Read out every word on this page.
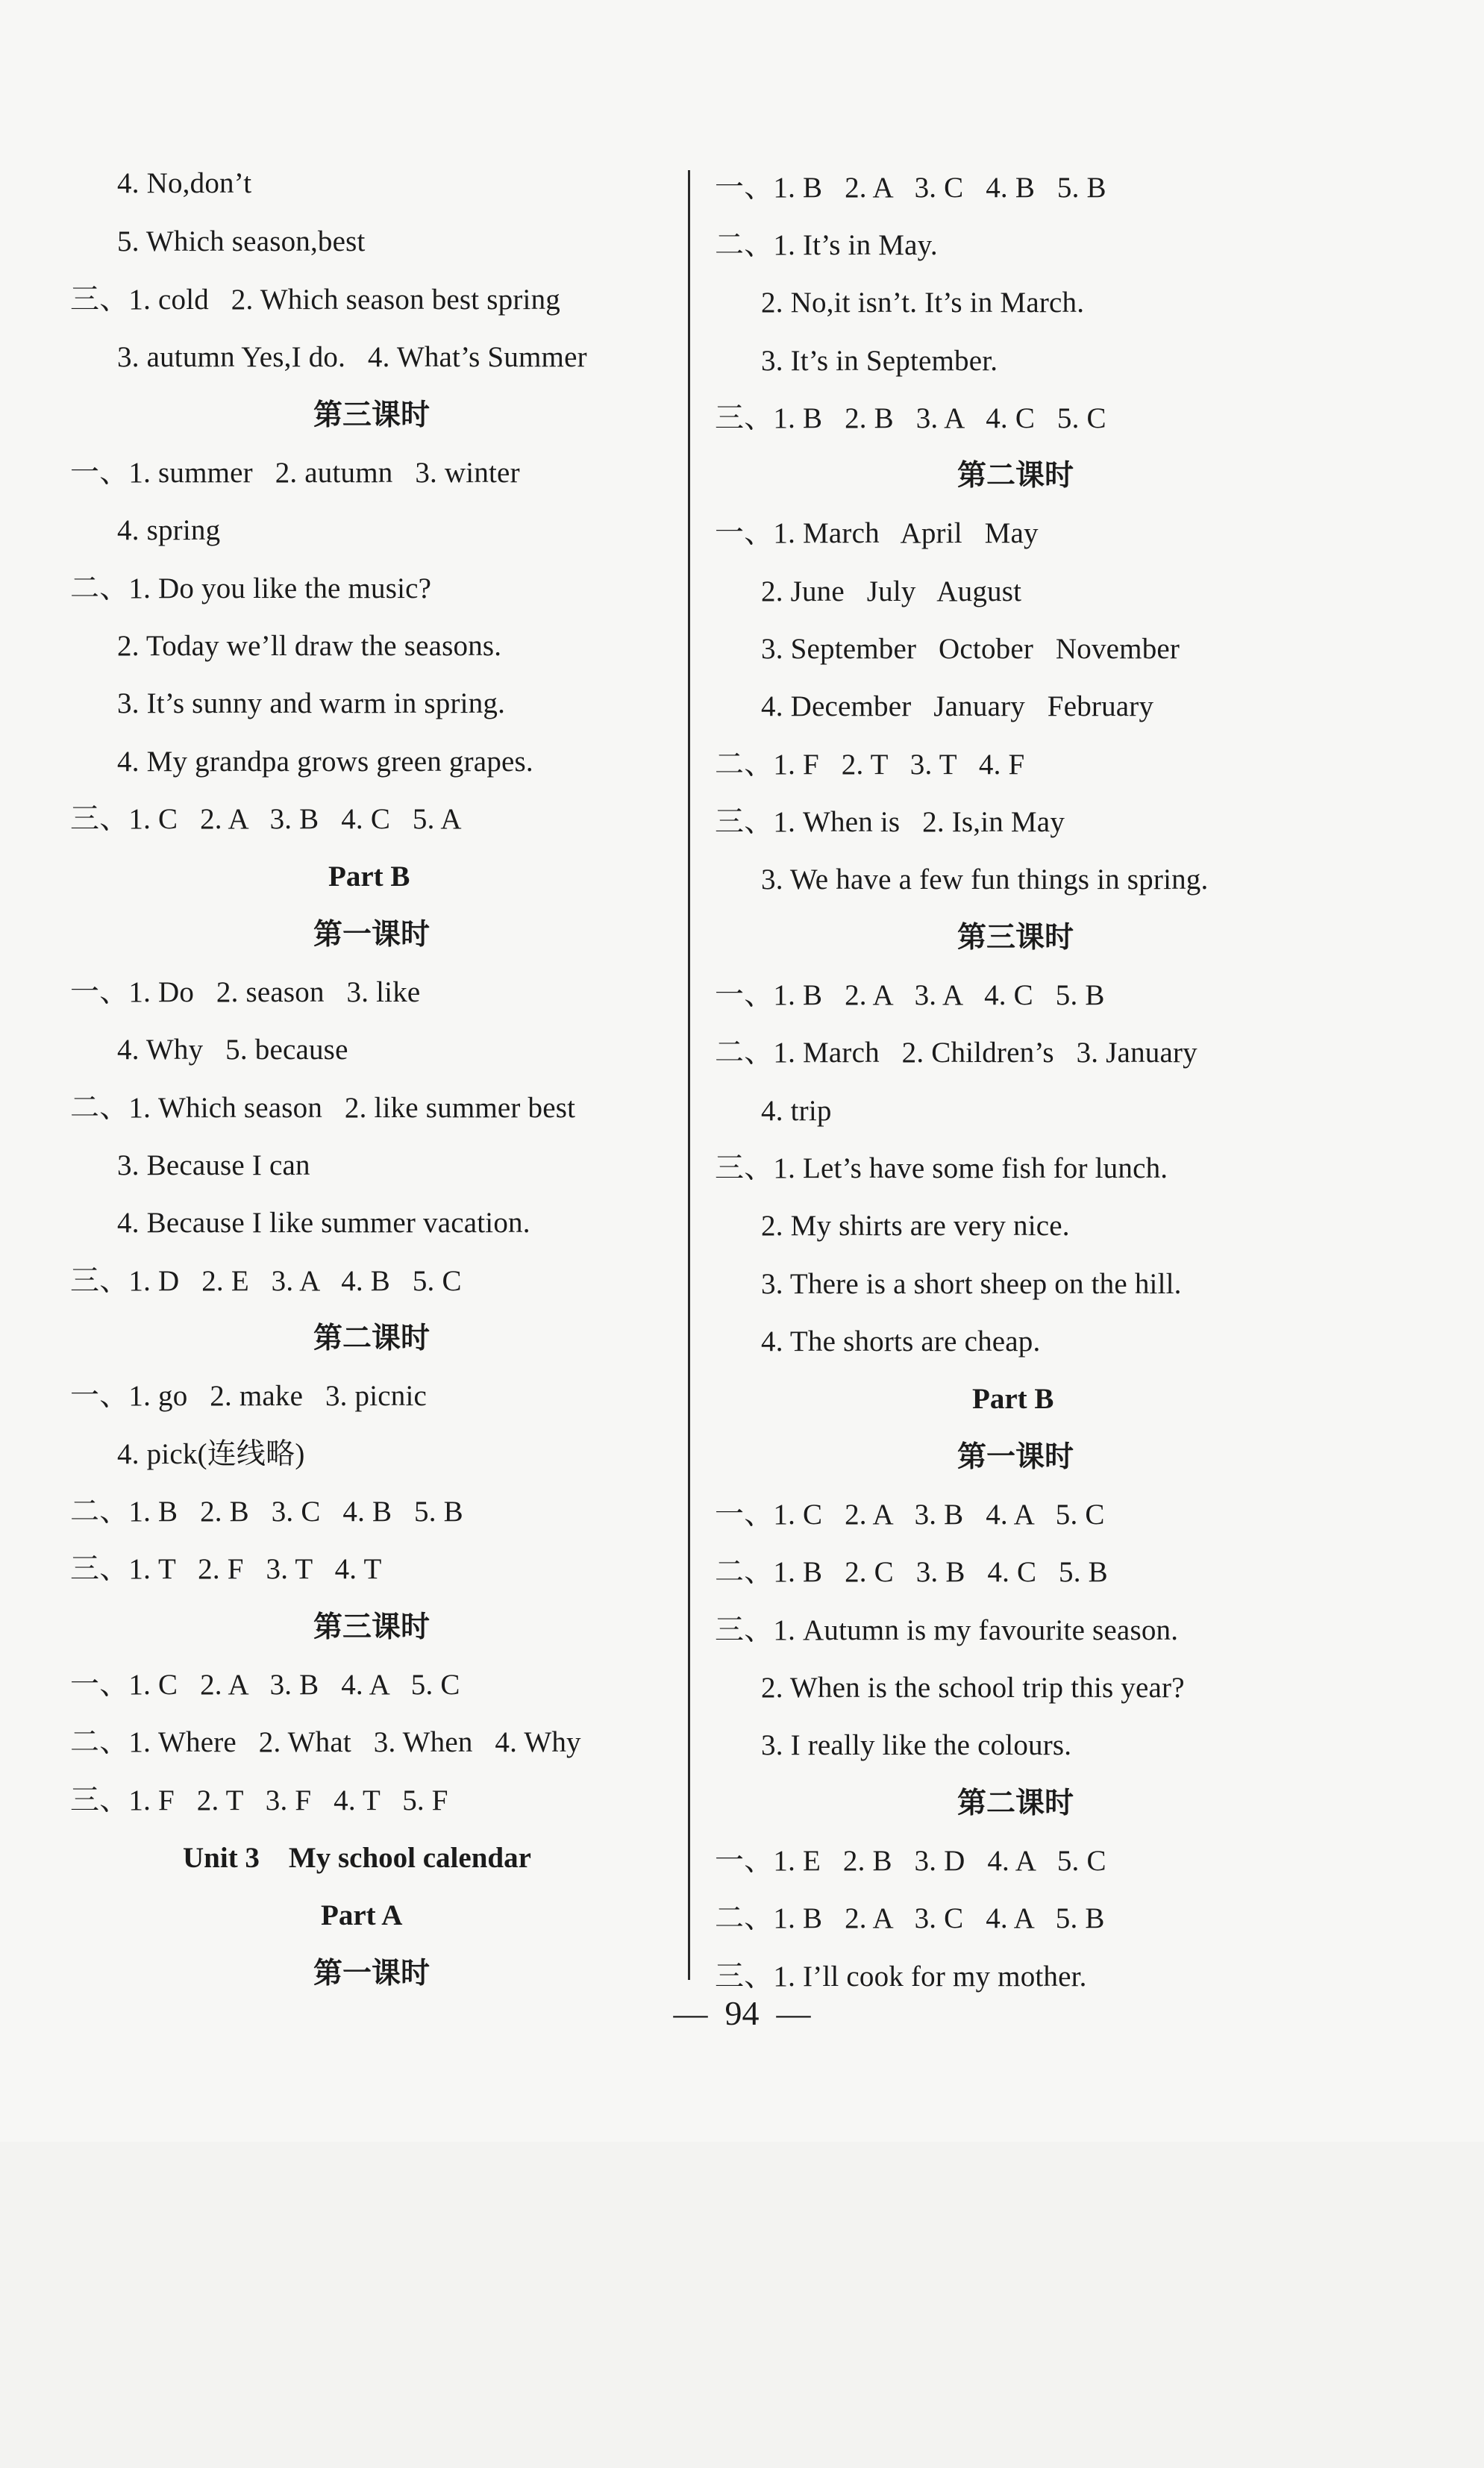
4. No,don’t
5. Which season,best
三、1. cold   2. Which season best spring
3. autumn Yes,I do.   4. What’s Summer
第三课时
一、1. summer   2. autumn   3. winter
4. spring
二、1. Do you like the music?
2. Today we’ll draw the seasons.
3. It’s sunny and warm in spring.
4. My grandpa grows green grapes.
三、1. C   2. A   3. B   4. C   5. A
Part B
第一课时
一、1. Do   2. season   3. like
4. Why   5. because
二、1. Which season   2. like summer best
3. Because I can
4. Because I like summer vacation.
三、1. D   2. E   3. A   4. B   5. C
第二课时
一、1. go   2. make   3. picnic
4. pick(连线略)
二、1. B   2. B   3. C   4. B   5. B
三、1. T   2. F   3. T   4. T
第三课时
一、1. C   2. A   3. B   4. A   5. C
二、1. Where   2. What   3. When   4. Why
三、1. F   2. T   3. F   4. T   5. F
Unit 3    My school calendar
Part A
第一课时
一、1. B   2. A   3. C   4. B   5. B
二、1. It’s in May.
2. No,it isn’t. It’s in March.
3. It’s in September.
三、1. B   2. B   3. A   4. C   5. C
第二课时
一、1. March   April   May
2. June   July   August
3. September   October   November
4. December   January   February
二、1. F   2. T   3. T   4. F
三、1. When is   2. Is,in May
3. We have a few fun things in spring.
第三课时
一、1. B   2. A   3. A   4. C   5. B
二、1. March   2. Children’s   3. January
4. trip
三、1. Let’s have some fish for lunch.
2. My shirts are very nice.
3. There is a short sheep on the hill.
4. The shorts are cheap.
Part B
第一课时
一、1. C   2. A   3. B   4. A   5. C
二、1. B   2. C   3. B   4. C   5. B
三、1. Autumn is my favourite season.
2. When is the school trip this year?
3. I really like the colours.
第二课时
一、1. E   2. B   3. D   4. A   5. C
二、1. B   2. A   3. C   4. A   5. B
三、1. I’ll cook for my mother.
—  94  —
